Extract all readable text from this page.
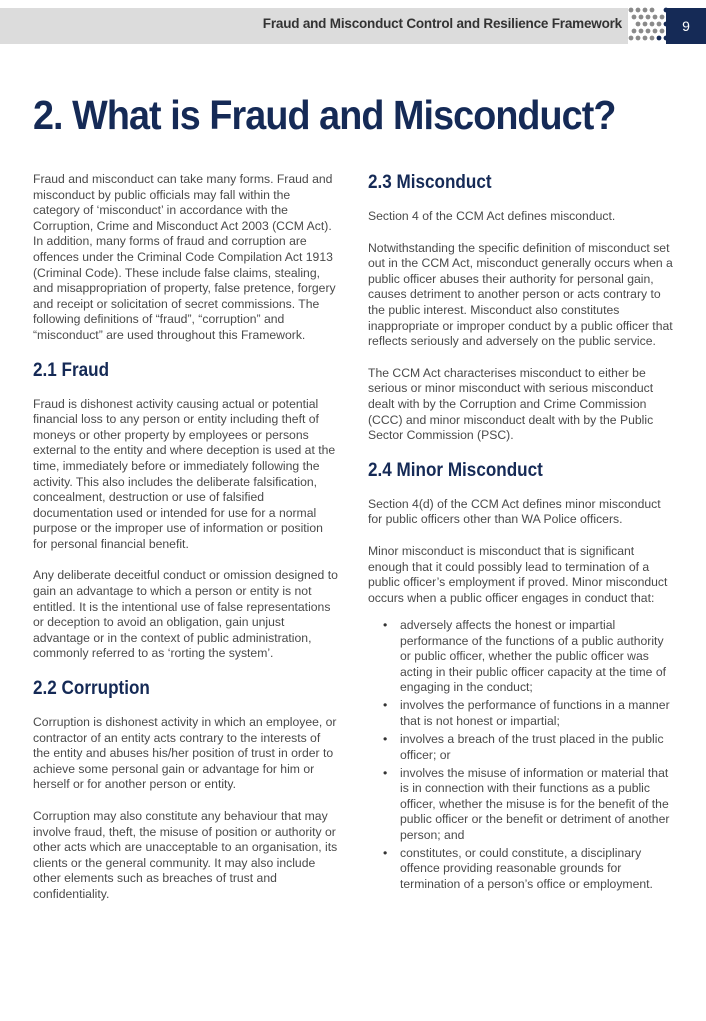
Fraud and Misconduct Control and Resilience Framework	9
2. What is Fraud and Misconduct?

Fraud and misconduct can take many forms. Fraud and misconduct by public officials may fall within the category of ‘misconduct’ in accordance with the Corruption, Crime and Misconduct Act 2003 (CCM Act). In addition, many forms of fraud and corruption are offences under the Criminal Code Compilation Act 1913 (Criminal Code). These include false claims, stealing, and misappropriation of property, false pretence, forgery and receipt or solicitation of secret commissions. The following definitions of “fraud”, “corruption” and “misconduct” are used throughout this Framework.

2.1 Fraud

Fraud is dishonest activity causing actual or potential financial loss to any person or entity including theft of moneys or other property by employees or persons external to the entity and where deception is used at the time, immediately before or immediately following the activity. This also includes the deliberate falsification, concealment, destruction or use of falsified documentation used or intended for use for a normal purpose or the improper use of information or position for personal financial benefit.

Any deliberate deceitful conduct or omission designed to gain an advantage to which a person or entity is not entitled. It is the intentional use of false representations or deception to avoid an obligation, gain unjust advantage or in the context of public administration, commonly referred to as ‘rorting the system’.

2.2 Corruption

Corruption is dishonest activity in which an employee, or contractor of an entity acts contrary to the interests of the entity and abuses his/her position of trust in order to achieve some personal gain or advantage for him or herself or for another person or entity.

Corruption may also constitute any behaviour that may involve fraud, theft, the misuse of position or authority or other acts which are unacceptable to an organisation, its clients or the general community. It may also include other elements such as breaches of trust and confidentiality.

2.3 Misconduct

Section 4 of the CCM Act defines misconduct.

Notwithstanding the specific definition of misconduct set out in the CCM Act, misconduct generally occurs when a public officer abuses their authority for personal gain, causes detriment to another person or acts contrary to the public interest. Misconduct also constitutes inappropriate or improper conduct by a public officer that reflects seriously and adversely on the public service.

The CCM Act characterises misconduct to either be serious or minor misconduct with serious misconduct dealt with by the Corruption and Crime Commission (CCC) and minor misconduct dealt with by the Public Sector Commission (PSC).

2.4 Minor Misconduct

Section 4(d) of the CCM Act defines minor misconduct for public officers other than WA Police officers.

Minor misconduct is misconduct that is significant enough that it could possibly lead to termination of a public officer’s employment if proved. Minor misconduct occurs when a public officer engages in conduct that:

• adversely affects the honest or impartial performance of the functions of a public authority or public officer, whether the public officer was acting in their public officer capacity at the time of engaging in the conduct;
• involves the performance of functions in a manner that is not honest or impartial;
• involves a breach of the trust placed in the public officer; or
• involves the misuse of information or material that is in connection with their functions as a public officer, whether the misuse is for the benefit of the public officer or the benefit or detriment of another person; and
• constitutes, or could constitute, a disciplinary offence providing reasonable grounds for termination of a person’s office or employment.
